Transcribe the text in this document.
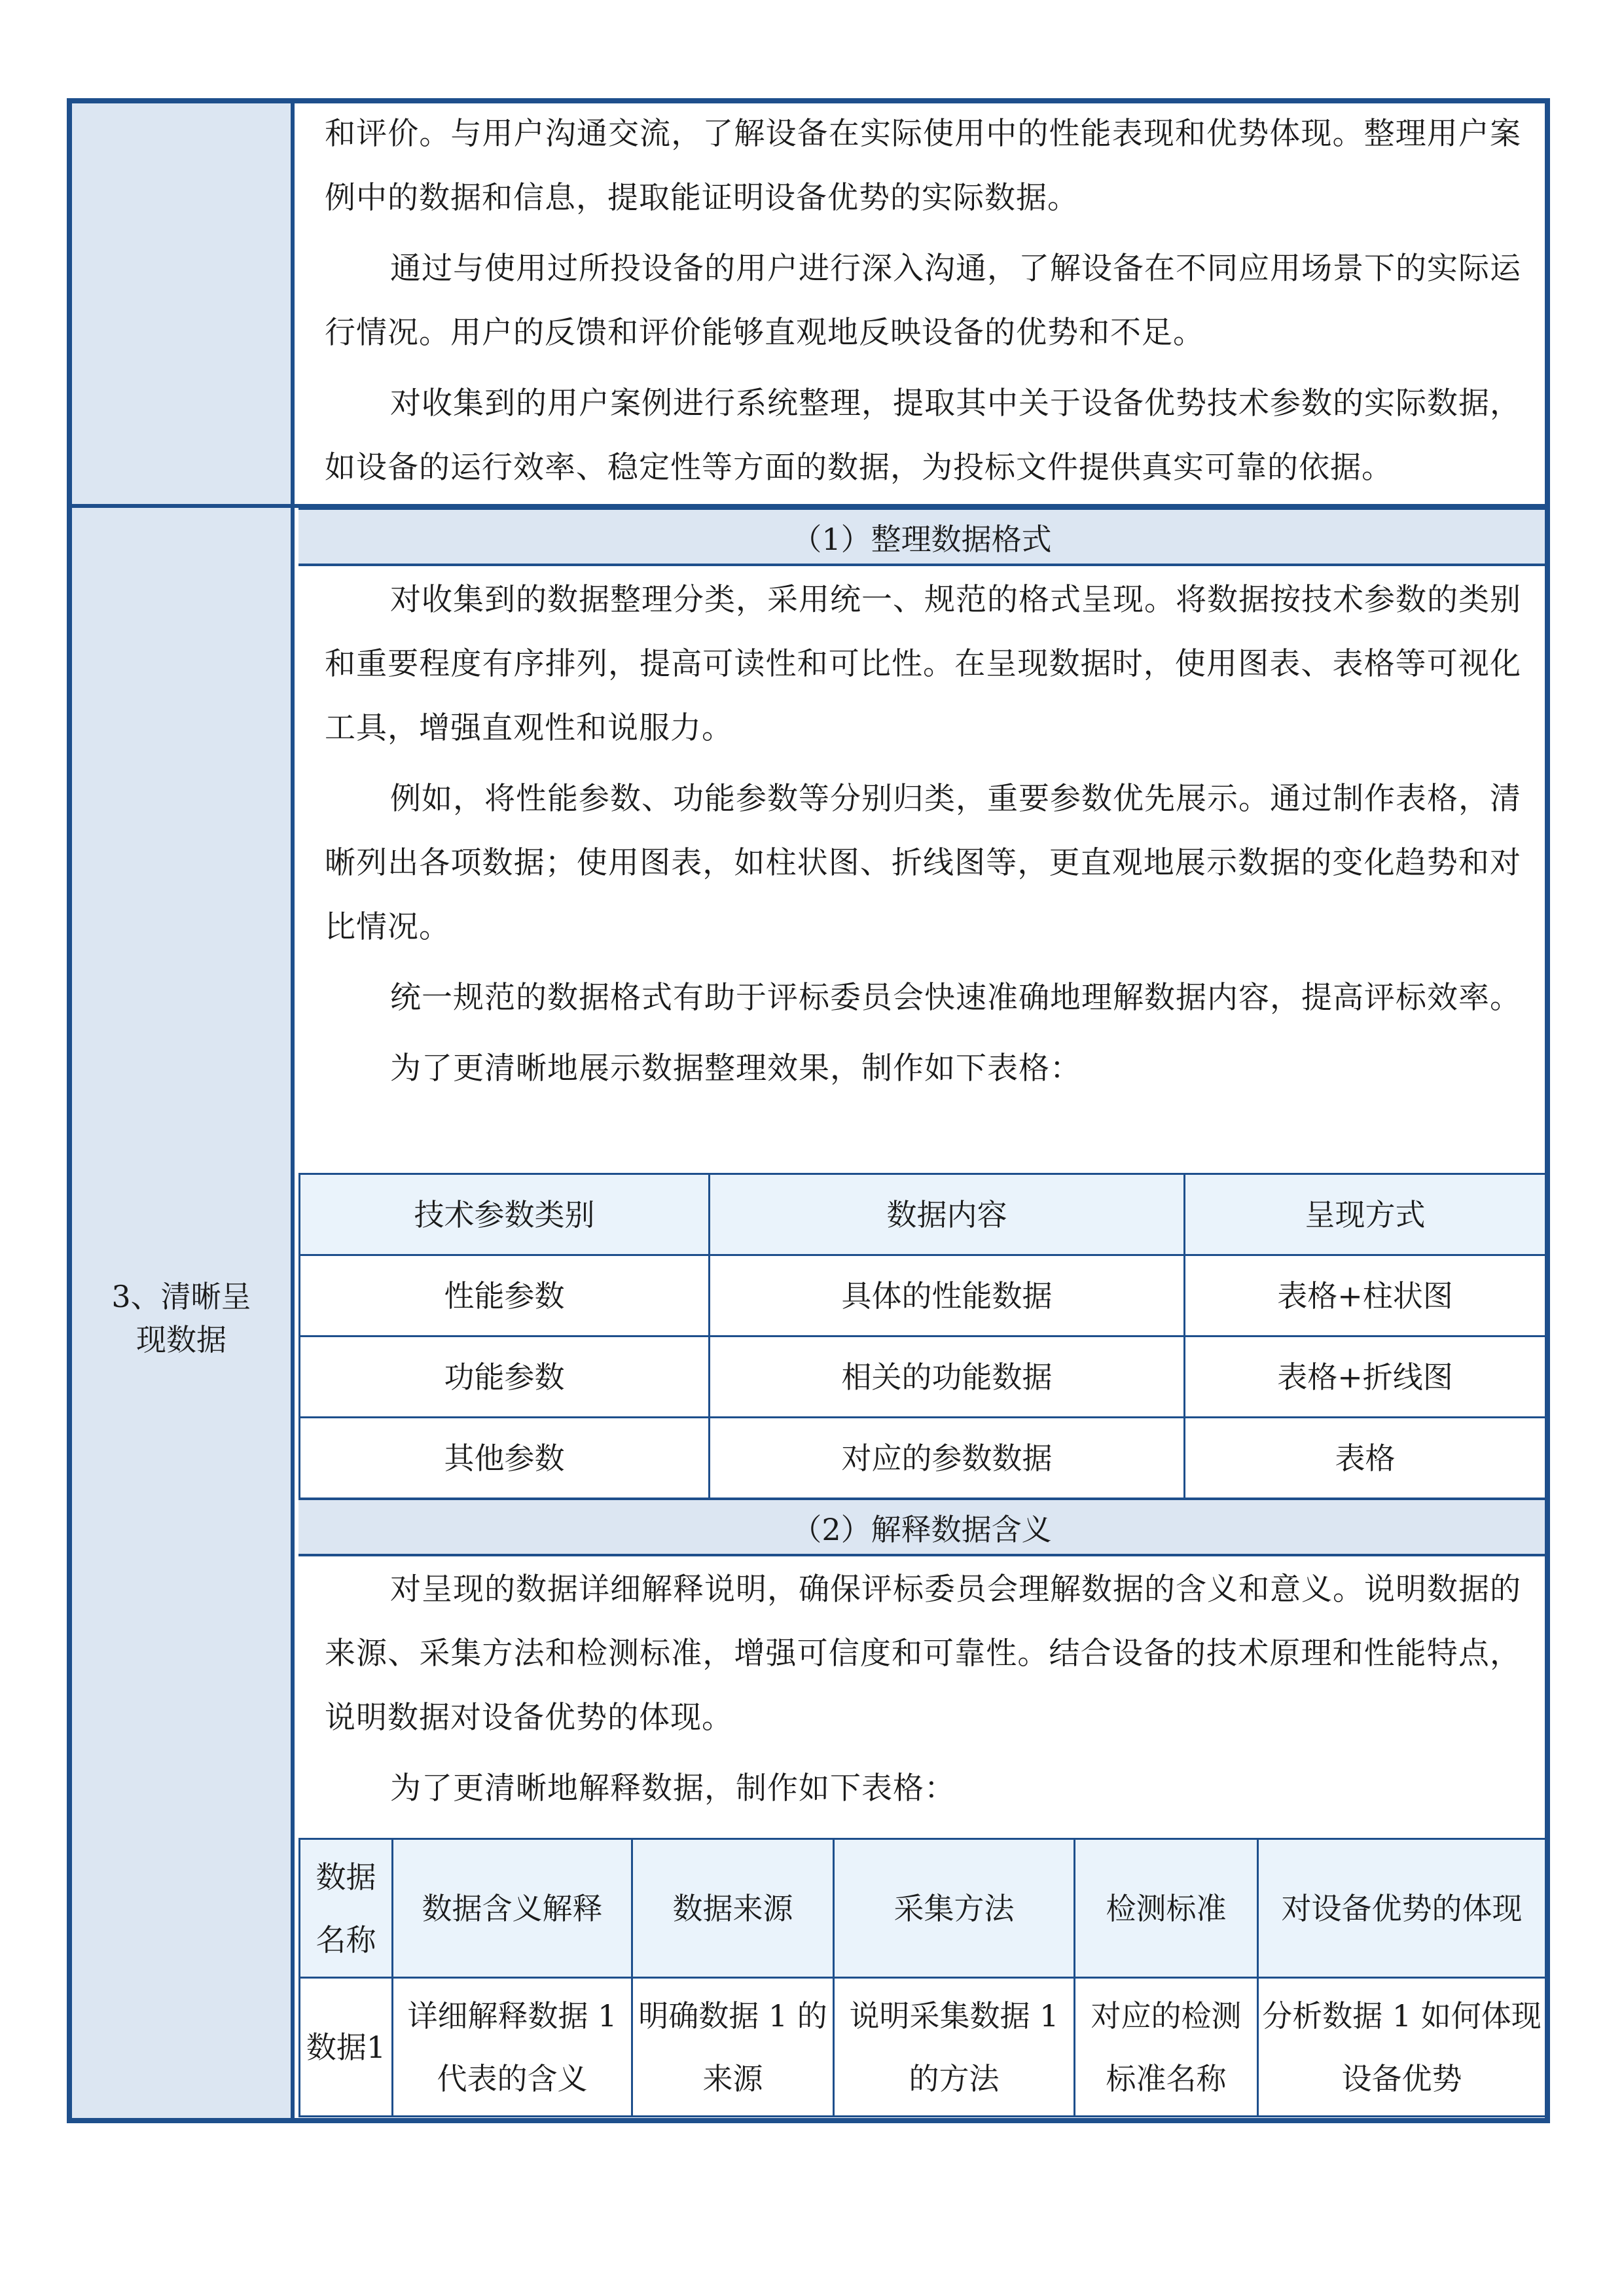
和评价。与用户沟通交流，了解设备在实际使用中的性能表现和优势体现。整理用户案例中的数据和信息，提取能证明设备优势的实际数据。

通过与使用过所投设备的用户进行深入沟通，了解设备在不同应用场景下的实际运行情况。用户的反馈和评价能够直观地反映设备的优势和不足。

对收集到的用户案例进行系统整理，提取其中关于设备优势技术参数的实际数据，如设备的运行效率、稳定性等方面的数据，为投标文件提供真实可靠的依据。

3、清晰呈
现数据
（1）整理数据格式

对收集到的数据整理分类，采用统一、规范的格式呈现。将数据按技术参数的类别和重要程度有序排列，提高可读性和可比性。在呈现数据时，使用图表、表格等可视化工具，增强直观性和说服力。

例如，将性能参数、功能参数等分别归类，重要参数优先展示。通过制作表格，清晰列出各项数据；使用图表，如柱状图、折线图等，更直观地展示数据的变化趋势和对比情况。

统一规范的数据格式有助于评标委员会快速准确地理解数据内容，提高评标效率。

为了更清晰地展示数据整理效果，制作如下表格：

技术参数类别	数据内容	呈现方式
性能参数	具体的性能数据	表格+柱状图
功能参数	相关的功能数据	表格+折线图
其他参数	对应的参数数据	表格
（2）解释数据含义

对呈现的数据详细解释说明，确保评标委员会理解数据的含义和意义。说明数据的来源、采集方法和检测标准，增强可信度和可靠性。结合设备的技术原理和性能特点，说明数据对设备优势的体现。

为了更清晰地解释数据，制作如下表格：

数据名称	数据含义解释	数据来源	采集方法	检测标准	对设备优势的体现
数据1	详细解释数据 1 代表的含义	明确数据 1 的来源	说明采集数据 1 的方法	对应的检测标准名称	分析数据 1 如何体现设备优势
